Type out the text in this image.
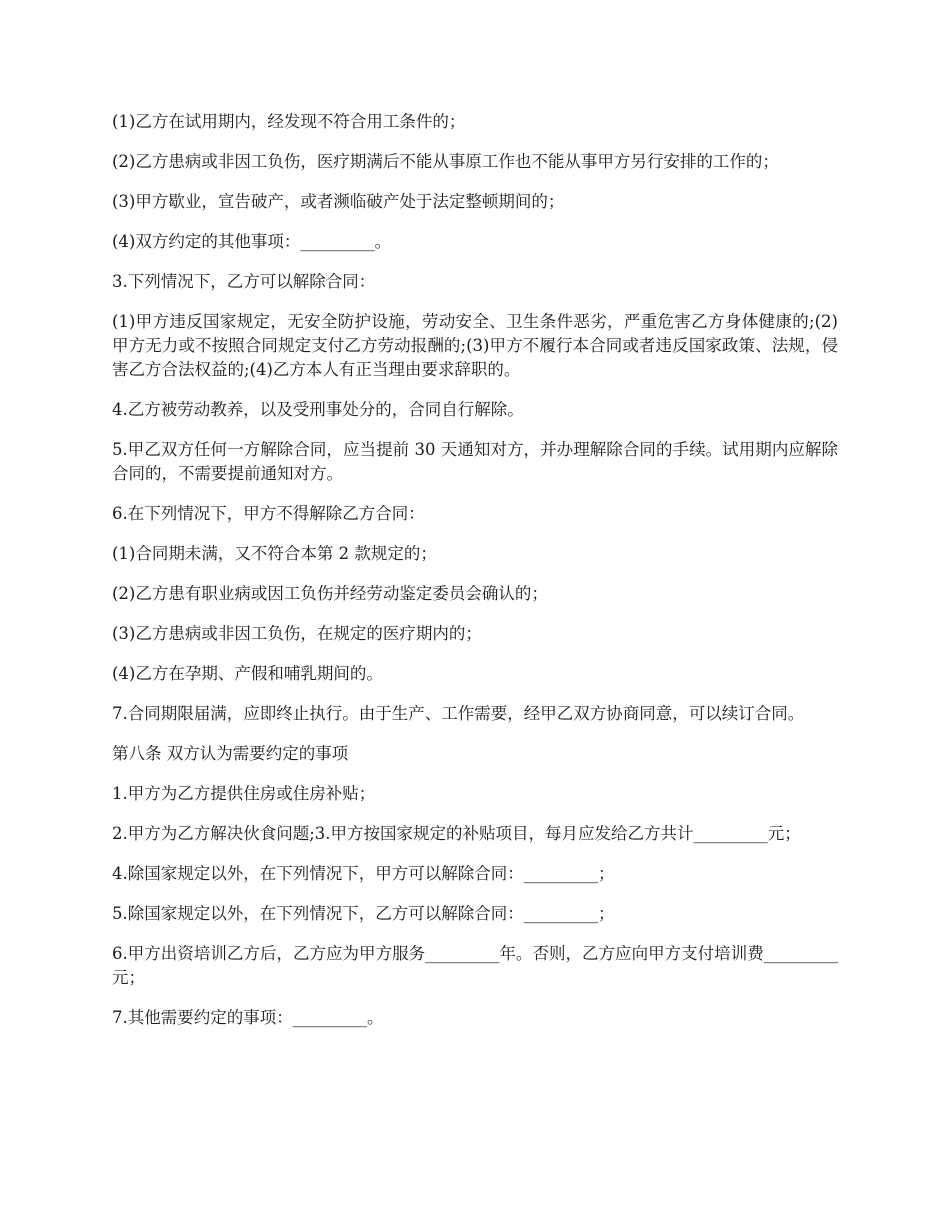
(1)乙方在试用期内，经发现不符合用工条件的；

(2)乙方患病或非因工负伤，医疗期满后不能从事原工作也不能从事甲方另行安排的工作的；

(3)甲方歇业，宣告破产，或者濒临破产处于法定整顿期间的；

(4)双方约定的其他事项：_________。

3.下列情况下，乙方可以解除合同：

(1)甲方违反国家规定，无安全防护设施，劳动安全、卫生条件恶劣，严重危害乙方身体健康的;(2)甲方无力或不按照合同规定支付乙方劳动报酬的;(3)甲方不履行本合同或者违反国家政策、法规，侵害乙方合法权益的;(4)乙方本人有正当理由要求辞职的。

4.乙方被劳动教养，以及受刑事处分的，合同自行解除。

5.甲乙双方任何一方解除合同，应当提前 30 天通知对方，并办理解除合同的手续。试用期内应解除合同的，不需要提前通知对方。

6.在下列情况下，甲方不得解除乙方合同：

(1)合同期未满，又不符合本第 2 款规定的；

(2)乙方患有职业病或因工负伤并经劳动鉴定委员会确认的；

(3)乙方患病或非因工负伤，在规定的医疗期内的；

(4)乙方在孕期、产假和哺乳期间的。

7.合同期限届满，应即终止执行。由于生产、工作需要，经甲乙双方协商同意，可以续订合同。

第八条 双方认为需要约定的事项

1.甲方为乙方提供住房或住房补贴；

2.甲方为乙方解决伙食问题;3.甲方按国家规定的补贴项目，每月应发给乙方共计_________元；

4.除国家规定以外，在下列情况下，甲方可以解除合同：_________；

5.除国家规定以外，在下列情况下，乙方可以解除合同：_________；

6.甲方出资培训乙方后，乙方应为甲方服务_________年。否则，乙方应向甲方支付培训费_________元；

7.其他需要约定的事项：_________。
